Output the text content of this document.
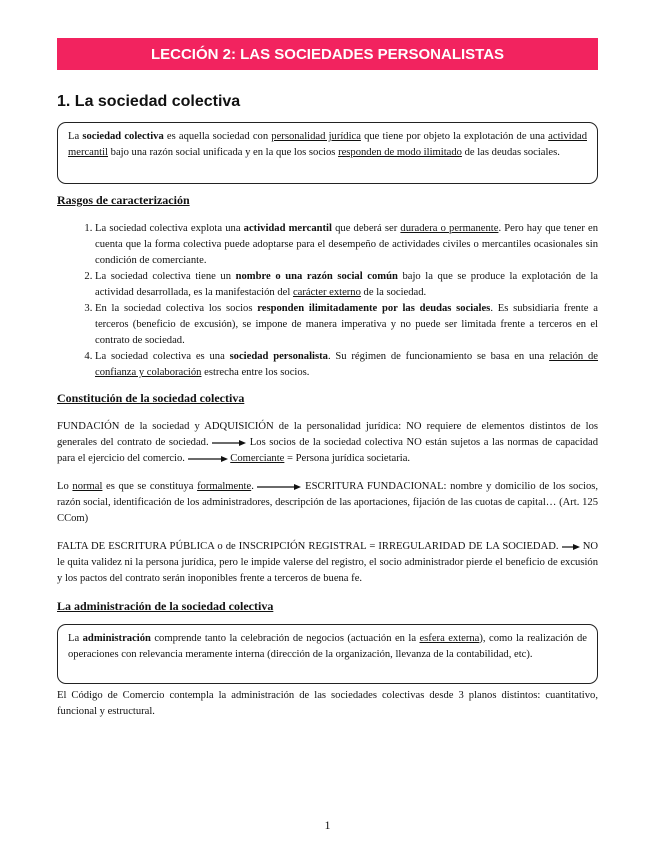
LECCIÓN 2: LAS SOCIEDADES PERSONALISTAS
1. La sociedad colectiva
La sociedad colectiva es aquella sociedad con personalidad jurídica que tiene por objeto la explotación de una actividad mercantil bajo una razón social unificada y en la que los socios responden de modo ilimitado de las deudas sociales.
Rasgos de caracterización
1. La sociedad colectiva explota una actividad mercantil que deberá ser duradera o permanente. Pero hay que tener en cuenta que la forma colectiva puede adoptarse para el desempeño de actividades civiles o mercantiles ocasionales sin condición de comerciante.
2. La sociedad colectiva tiene un nombre o una razón social común bajo la que se produce la explotación de la actividad desarrollada, es la manifestación del carácter externo de la sociedad.
3. En la sociedad colectiva los socios responden ilimitadamente por las deudas sociales. Es subsidiaria frente a terceros (beneficio de excusión), se impone de manera imperativa y no puede ser limitada frente a terceros en el contrato de sociedad.
4. La sociedad colectiva es una sociedad personalista. Su régimen de funcionamiento se basa en una relación de confianza y colaboración estrecha entre los socios.
Constitución de la sociedad colectiva

FUNDACIÓN de la sociedad y ADQUISICIÓN de la personalidad jurídica: NO requiere de elementos distintos de los generales del contrato de sociedad.	Los socios de la sociedad colectiva NO están sujetos a las normas de capacidad para el ejercicio del comercio.	Comerciante = Persona jurídica societaria.

Lo normal es que se constituya formalmente.	ESCRITURA FUNDACIONAL: nombre y domicilio de los socios, razón social, identificación de los administradores, descripción de las aportaciones, fijación de las cuotas de capital… (Art. 125 CCom)

FALTA DE ESCRITURA PÚBLICA o de INSCRIPCIÓN REGISTRAL = IRREGULARIDAD DE LA SOCIEDAD. NO le quita validez ni la persona jurídica, pero le impide valerse del registro, el socio administrador pierde el beneficio de excusión y los pactos del contrato serán inoponibles frente a terceros de buena fe.

La administración de la sociedad colectiva
La administración comprende tanto la celebración de negocios (actuación en la esfera externa), como la realización de operaciones con relevancia meramente interna (dirección de la organización, llevanza de la contabilidad, etc).

El Código de Comercio contempla la administración de las sociedades colectivas desde 3 planos distintos: cuantitativo, funcional y estructural.

1
